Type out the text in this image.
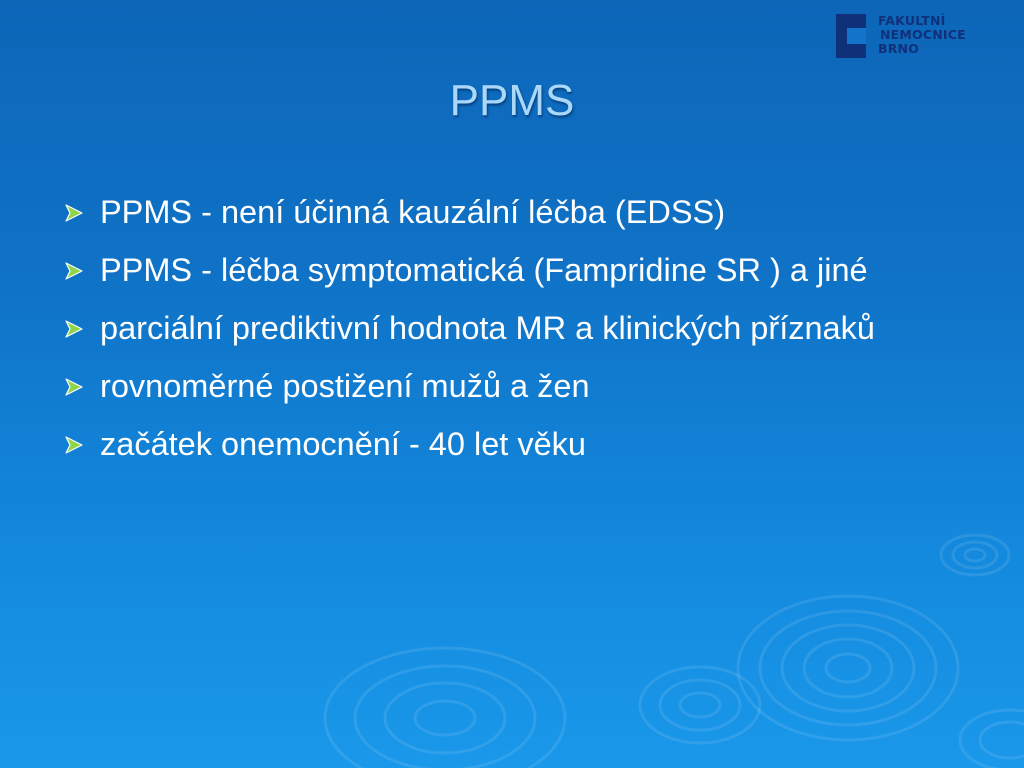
FAKULTNÍ
NEMOCNICE
BRNO
PPMS
PPMS - není účinná kauzální léčba (EDSS)
PPMS - léčba symptomatická (Fampridine SR ) a jiné
parciální prediktivní hodnota MR a klinických příznaků
rovnoměrné postižení mužů a žen
začátek onemocnění - 40 let věku
